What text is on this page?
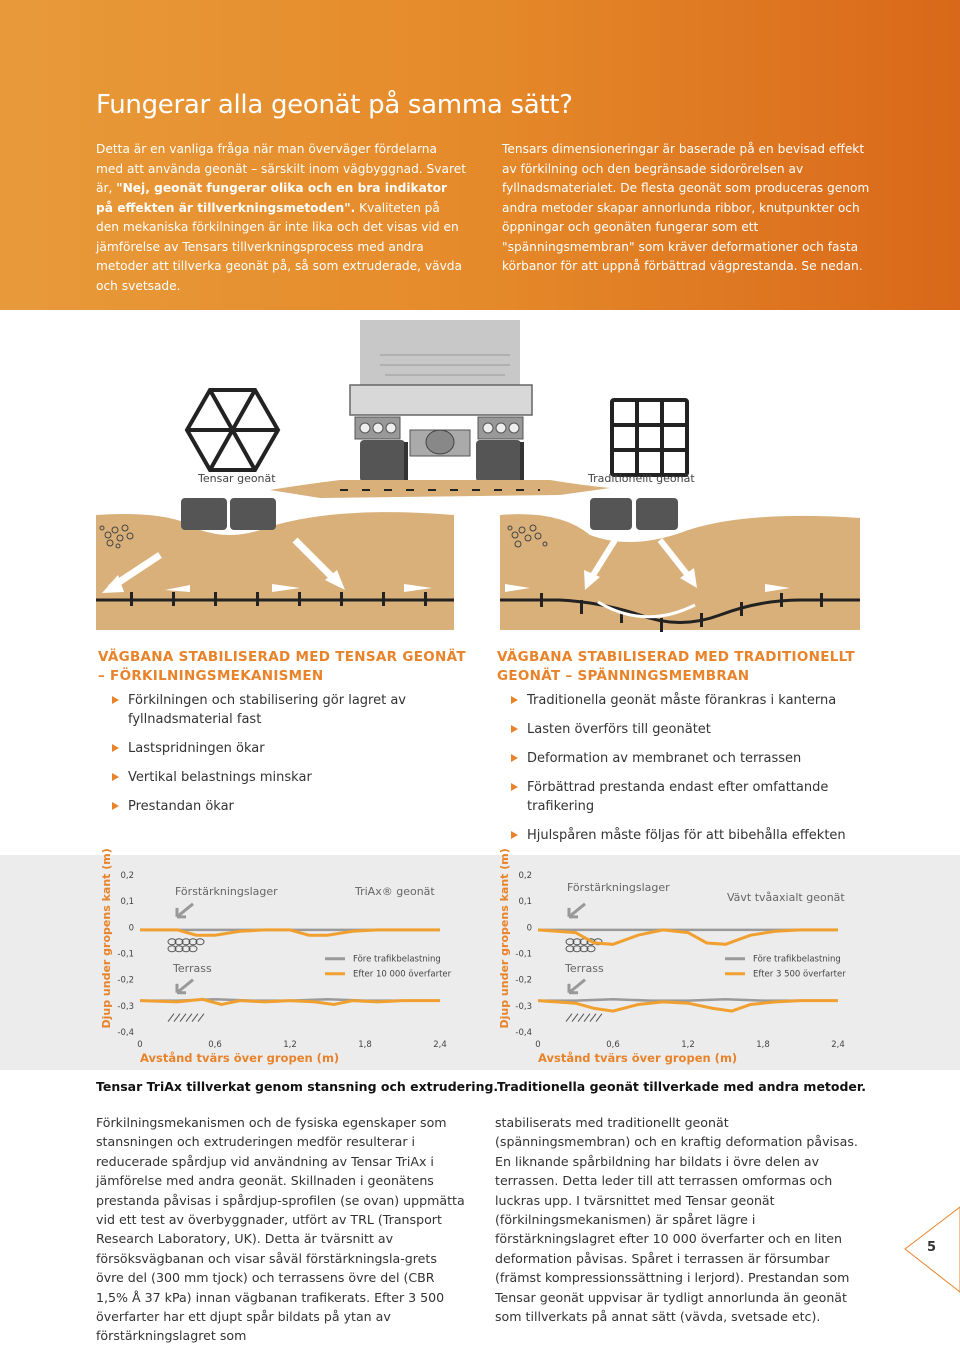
Fungerar alla geonät på samma sätt?
Detta är en vanliga fråga när man överväger fördelarna med att använda geonät – särskilt inom vägbyggnad. Svaret är, "Nej, geonät fungerar olika och en bra indikator på effekten är tillverkningsmetoden". Kvaliteten på den mekaniska förkilningen är inte lika och det visas vid en jämförelse av Tensars tillverkningsprocess med andra metoder att tillverka geonät på, så som extruderade, vävda och svetsade.
Tensars dimensioneringar är baserade på en bevisad effekt av förkilning och den begränsade sidorörelsen av fyllnadsmaterialet. De flesta geonät som produceras genom andra metoder skapar annorlunda ribbor, knutpunkter och öppningar och geonäten fungerar som ett "spänningsmembran" som kräver deformationer och fasta körbanor för att uppnå förbättrad vägprestanda. Se nedan.
Tensar geonät	Traditionellt geonät
VÄGBANA STABILISERAD MED TENSAR GEONÄT
– FÖRKILNINGSMEKANISMEN
Förkilningen och stabilisering gör lagret av fyllnadsmaterial fast
Lastspridningen ökar
Vertikal belastnings minskar
Prestandan ökar
VÄGBANA STABILISERAD MED TRADITIONELLT
GEONÄT – SPÄNNINGSMEMBRAN
Traditionella geonät måste förankras i kanterna
Lasten överförs till geonätet
Deformation av membranet och terrassen
Förbättrad prestanda endast efter omfattande trafikering
Hjulspåren måste följas för att bibehålla effekten
Djup under gropens kant (m) 0,2
0,1
0
-0,1
-0,2
-0,3
-0,4
0	0,6	1,2	1,8	2,4
Avstånd tvärs över gropen (m)
TriAx® geonät
Förstärkningslager
Terrass
Före trafikbelastning
Efter 10 000 överfarter	Djup under gropens kant (m) 0,2
0,1
0
-0,1
-0,2
-0,3
-0,4
0	0,6	1,2	1,8	2,4
Avstånd tvärs över gropen (m)
Vävt tvåaxialt geonät
Förstärkningslager
Terrass
Före trafikbelastning
Efter 3 500 överfarter
Tensar TriAx tillverkat genom stansning och extrudering.
Traditionella geonät tillverkade med andra metoder.
Förkilningsmekanismen och de fysiska egenskaper som stansningen och extruderingen medför resulterar i reducerade spårdjup vid användning av Tensar TriAx i jämförelse med andra geonät. Skillnaden i geonätens prestanda påvisas i spårdjup-sprofilen (se ovan) uppmätta vid ett test av överbyggnader, utfört av TRL (Transport Research Laboratory, UK). Detta är tvärsnitt av försöksvägbanan och visar såväl förstärkningsla-grets övre del (300 mm tjock) och terrassens övre del (CBR 1,5% Å 37 kPa) innan vägbanan trafikerats. Efter 3 500 överfarter har ett djupt spår bildats på ytan av förstärkningslagret som
stabiliserats med traditionellt geonät (spänningsmembran) och en kraftig deformation påvisas. En liknande spårbildning har bildats i övre delen av terrassen. Detta leder till att terrassen omformas och luckras upp. I tvärsnittet med Tensar geonät (förkilningsmekanismen) är spåret lägre i förstärkningslagret efter 10 000 överfarter och en liten deformation påvisas. Spåret i terrassen är försumbar (främst kompressionssättning i lerjord). Prestandan som Tensar geonät uppvisar är tydligt annorlunda än geonät som tillverkats på annat sätt (vävda, svetsade etc).
5
